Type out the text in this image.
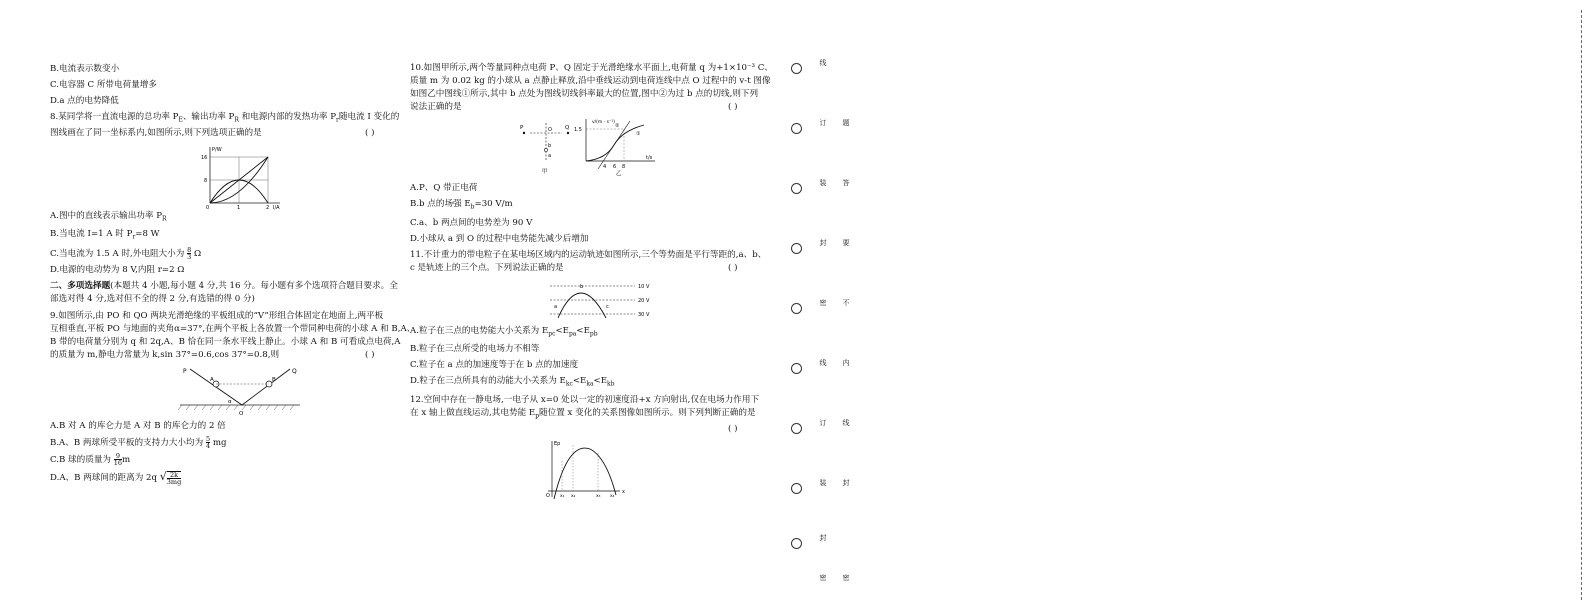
B.电流表示数变小
C.电容器 C 所带电荷量增多
D.a 点的电势降低
8.某同学将一直流电源的总功率 $P_E$、输出功率 $P_R$ 和电源内部的发热功率 $P_r$随电流 I 变化的
图线画在了同一坐标系内,如图所示,则下列选项正确的是	( )
P/W
16
8
0	1	2 I/A
A.图中的直线表示输出功率 $P_R$
B.当电流 I=1 A 时 $P_r=8$ W
C.当电流为 1.5 A 时,外电阻大小为 $\frac{8}{3}$ Ω
D.电源的电动势为 8 V,内阻 r=2 Ω
二、多项选择题(本题共 4 小题,每小题 4 分,共 16 分。每小题有多个选项符合题目要求。全
部选对得 4 分,选对但不全的得 2 分,有选错的得 0 分)
9.如图所示,由 PO 和 QO 两块光滑绝缘的平板组成的“V”形组合体固定在地面上,两平板
互相垂直,平板 PO 与地面的夹角α=37°,在两个平板上各放置一个带同种电荷的小球 A 和 B,A、
B 带的电荷量分别为 q 和 2q,A、B 恰在同一条水平线上静止。小球 A 和 B 可看成点电荷,A
的质量为 m,静电力常量为 k,sin 37°=0.6,cos 37°=0.8,则	( )
P	Q
A	B
α
O
A.B 对 A 的库仑力是 A 对 B 的库仑力的 2 倍
B.A、B 两球所受平板的支持力大小均为 $\frac{5}{4}$ mg
C.B 球的质量为 $\frac{9}{16}$ m
D.A、B 两球间的距离为 2q √ $\frac{2k}{3mg}$
10.如图甲所示,两个等量同种点电荷 P、Q 固定于光滑绝缘水平面上,电荷量 q 为+1×10⁻³ C、
质量 m 为 0.02 kg 的小球从 a 点静止释放,沿中垂线运动到电荷连线中点 O 过程中的 v-t 图像
如图乙中图线①所示,其中 b 点处为图线切线斜率最大的位置,图中②为过 b 点的切线,则下列
说法正确的是	( )
P	Q
O
b
a
甲
v/(m · s⁻¹)
1.5
4 6 8
t/s
②
①
乙
A.P、Q 带正电荷
B.b 点的场强 $E_b=30$ V/m
C.a、b 两点间的电势差为 90 V
D.小球从 a 到 O 的过程中电势能先减少后增加
11.不计重力的带电粒子在某电场区域内的运动轨迹如图所示,三个等势面是平行等距的,a、b、
c 是轨迹上的三个点。下列说法正确的是	( )
10 V
20 V
30 V
a
b
c
A.粒子在三点的电势能大小关系为 $E_{pc}<E_{pa}<E_{pb}$
B.粒子在三点所受的电场力不相等
C.粒子在 a 点的加速度等于在 b 点的加速度
D.粒子在三点所具有的动能大小关系为 $E_{kc}<E_{ka}<E_{kb}$
12.空间中存在一静电场,一电子从 x=0 处以一定的初速度沿+x 方向射出,仅在电场力作用下
在 x 轴上做直线运动,其电势能 $E_p$随位置 x 变化的关系图像如图所示。则下列判断正确的是
( )
Ep
O x₁ x₂	x₃ x₄
x
线
订 题
装 答
封 要
密 不
线 内
订 线
装 封
封
密 密
